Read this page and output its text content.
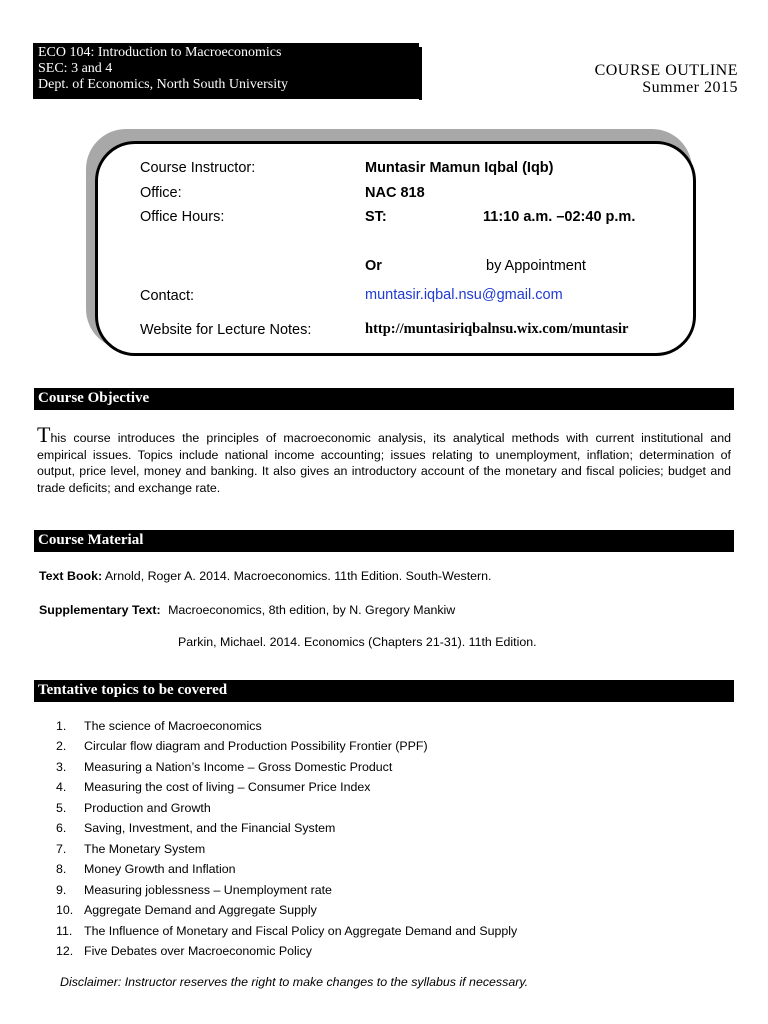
ECO 104: Introduction to Macroeconomics
SEC: 3 and 4
Dept. of Economics, North South University
COURSE OUTLINE
Summer 2015
Course Instructor:	Muntasir Mamun Iqbal (Iqb)
Office:	NAC 818
Office Hours:	ST:	11:10 a.m. –02:40 p.m.
Or	by Appointment
Contact:	muntasir.iqbal.nsu@gmail.com
Website for Lecture Notes:	http://muntasiriqbalnsu.wix.com/muntasir
Course Objective
This course introduces the principles of macroeconomic analysis, its analytical methods with current institutional and empirical issues. Topics include national income accounting; issues relating to unemployment, inflation; determination of output, price level, money and banking. It also gives an introductory account of the monetary and fiscal policies; budget and trade deficits; and exchange rate.
Course Material
Text Book: Arnold, Roger A. 2014. Macroeconomics. 11th Edition. South-Western.
Supplementary Text: Macroeconomics, 8th edition, by N. Gregory Mankiw
Parkin, Michael. 2014. Economics (Chapters 21-31). 11th Edition.
Tentative topics to be covered
1. The science of Macroeconomics
2. Circular flow diagram and Production Possibility Frontier (PPF)
3. Measuring a Nation’s Income – Gross Domestic Product
4. Measuring the cost of living – Consumer Price Index
5. Production and Growth
6. Saving, Investment, and the Financial System
7. The Monetary System
8. Money Growth and Inflation
9. Measuring joblessness – Unemployment rate
10. Aggregate Demand and Aggregate Supply
11. The Influence of Monetary and Fiscal Policy on Aggregate Demand and Supply
12. Five Debates over Macroeconomic Policy
Disclaimer: Instructor reserves the right to make changes to the syllabus if necessary.
